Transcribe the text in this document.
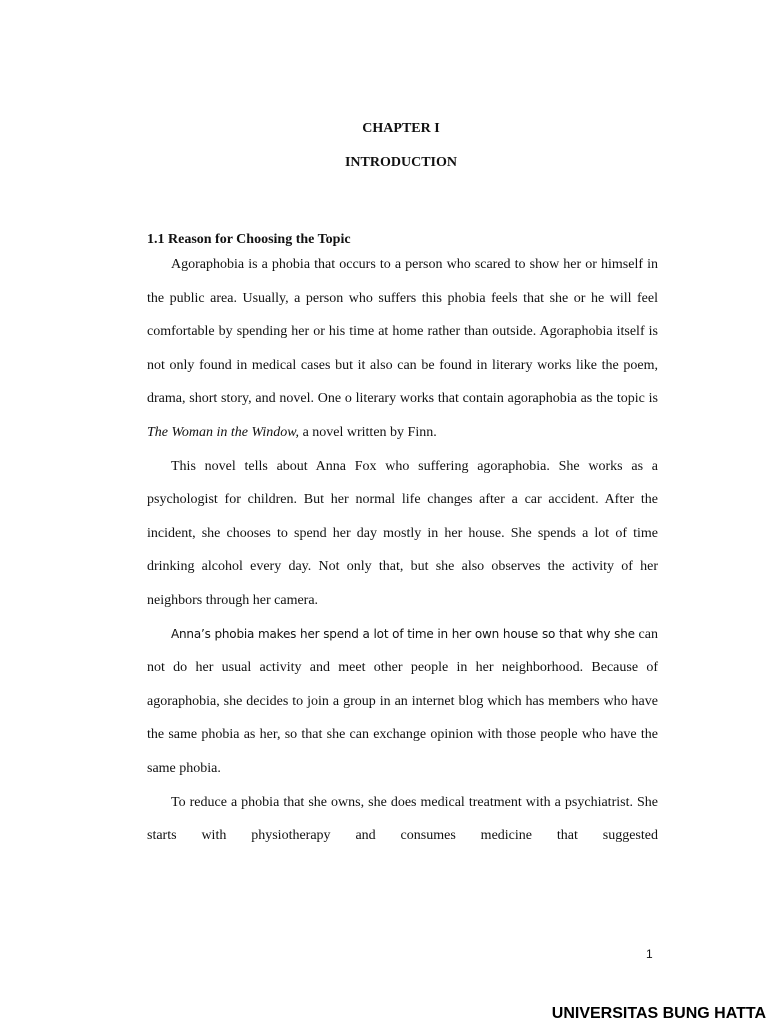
CHAPTER I
INTRODUCTION
1.1 Reason for Choosing the Topic

Agoraphobia is a phobia that occurs to a person who scared to show her or himself in the public area. Usually, a person who suffers this phobia feels that she or he will feel comfortable by spending her or his time at home rather than outside. Agoraphobia itself is not only found in medical cases but it also can be found in literary works like the poem, drama, short story, and novel. One o literary works that contain agoraphobia as the topic is The Woman in the Window, a novel written by Finn.

This novel tells about Anna Fox who suffering agoraphobia. She works as a psychologist for children. But her normal life changes after a car accident. After the incident, she chooses to spend her day mostly in her house. She spends a lot of time drinking alcohol every day. Not only that, but she also observes the activity of her neighbors through her camera.

Anna’s phobia makes her spend a lot of time in her own house so that why she can not do her usual activity and meet other people in her neighborhood. Because of agoraphobia, she decides to join a group in an internet blog which has members who have the same phobia as her, so that she can exchange opinion with those people who have the same phobia.

To reduce a phobia that she owns, she does medical treatment with a psychiatrist. She starts with physiotherapy and consumes medicine that suggested

1
UNIVERSITAS BUNG HATTA
